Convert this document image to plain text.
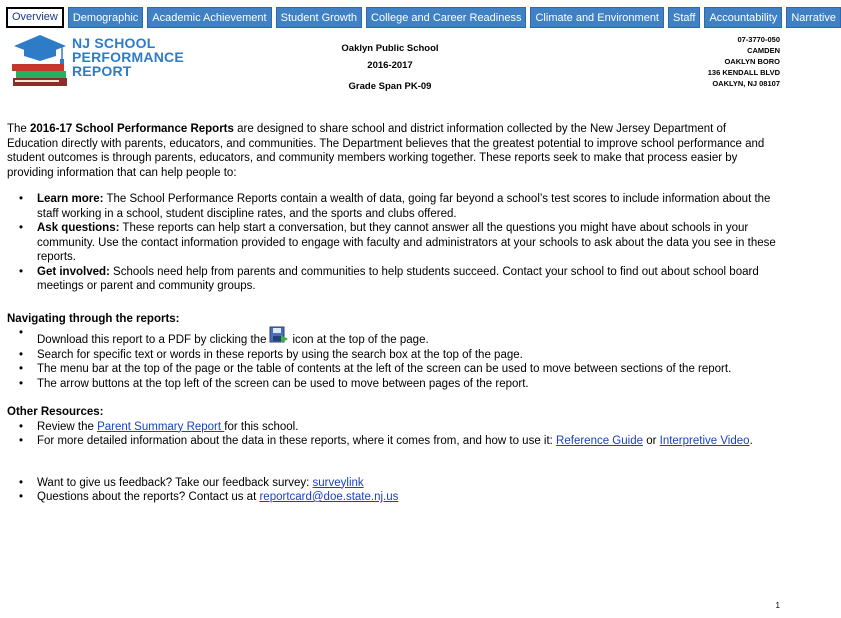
Overview	Demographic	Academic Achievement	Student Growth	College and Career Readiness	Climate and Environment	Staff	Accountability	Narrative
NJ SCHOOL
PERFORMANCE
REPORT
Oaklyn Public School
2016-2017
Grade Span PK-09
07-3770-050
CAMDEN
OAKLYN BORO
136 KENDALL BLVD
OAKLYN, NJ 08107

The 2016-17 School Performance Reports are designed to share school and district information collected by the New Jersey Department of Education directly with parents, educators, and communities. The Department believes that the greatest potential to improve school performance and student outcomes is through parents, educators, and community members working together. These reports seek to make that process easier by providing information that can help people to:

• Learn more: The School Performance Reports contain a wealth of data, going far beyond a school’s test scores to include information about the staff working in a school, student discipline rates, and the sports and clubs offered.
• Ask questions: These reports can help start a conversation, but they cannot answer all the questions you might have about schools in your community. Use the contact information provided to engage with faculty and administrators at your schools to ask about the data you see in these reports.
• Get involved: Schools need help from parents and communities to help students succeed. Contact your school to find out about school board meetings or parent and community groups.
Navigating through the reports:
• Download this report to a PDF by clicking the icon at the top of the page.
• Search for specific text or words in these reports by using the search box at the top of the page.
• The menu bar at the top of the page or the table of contents at the left of the screen can be used to move between sections of the report.
• The arrow buttons at the top left of the screen can be used to move between pages of the report.
Other Resources:
• Review the Parent Summary Report for this school.
• For more detailed information about the data in these reports, where it comes from, and how to use it: Reference Guide or Interpretive Video.
• Want to give us feedback? Take our feedback survey: surveylink
• Questions about the reports? Contact us at reportcard@doe.state.nj.us
1
